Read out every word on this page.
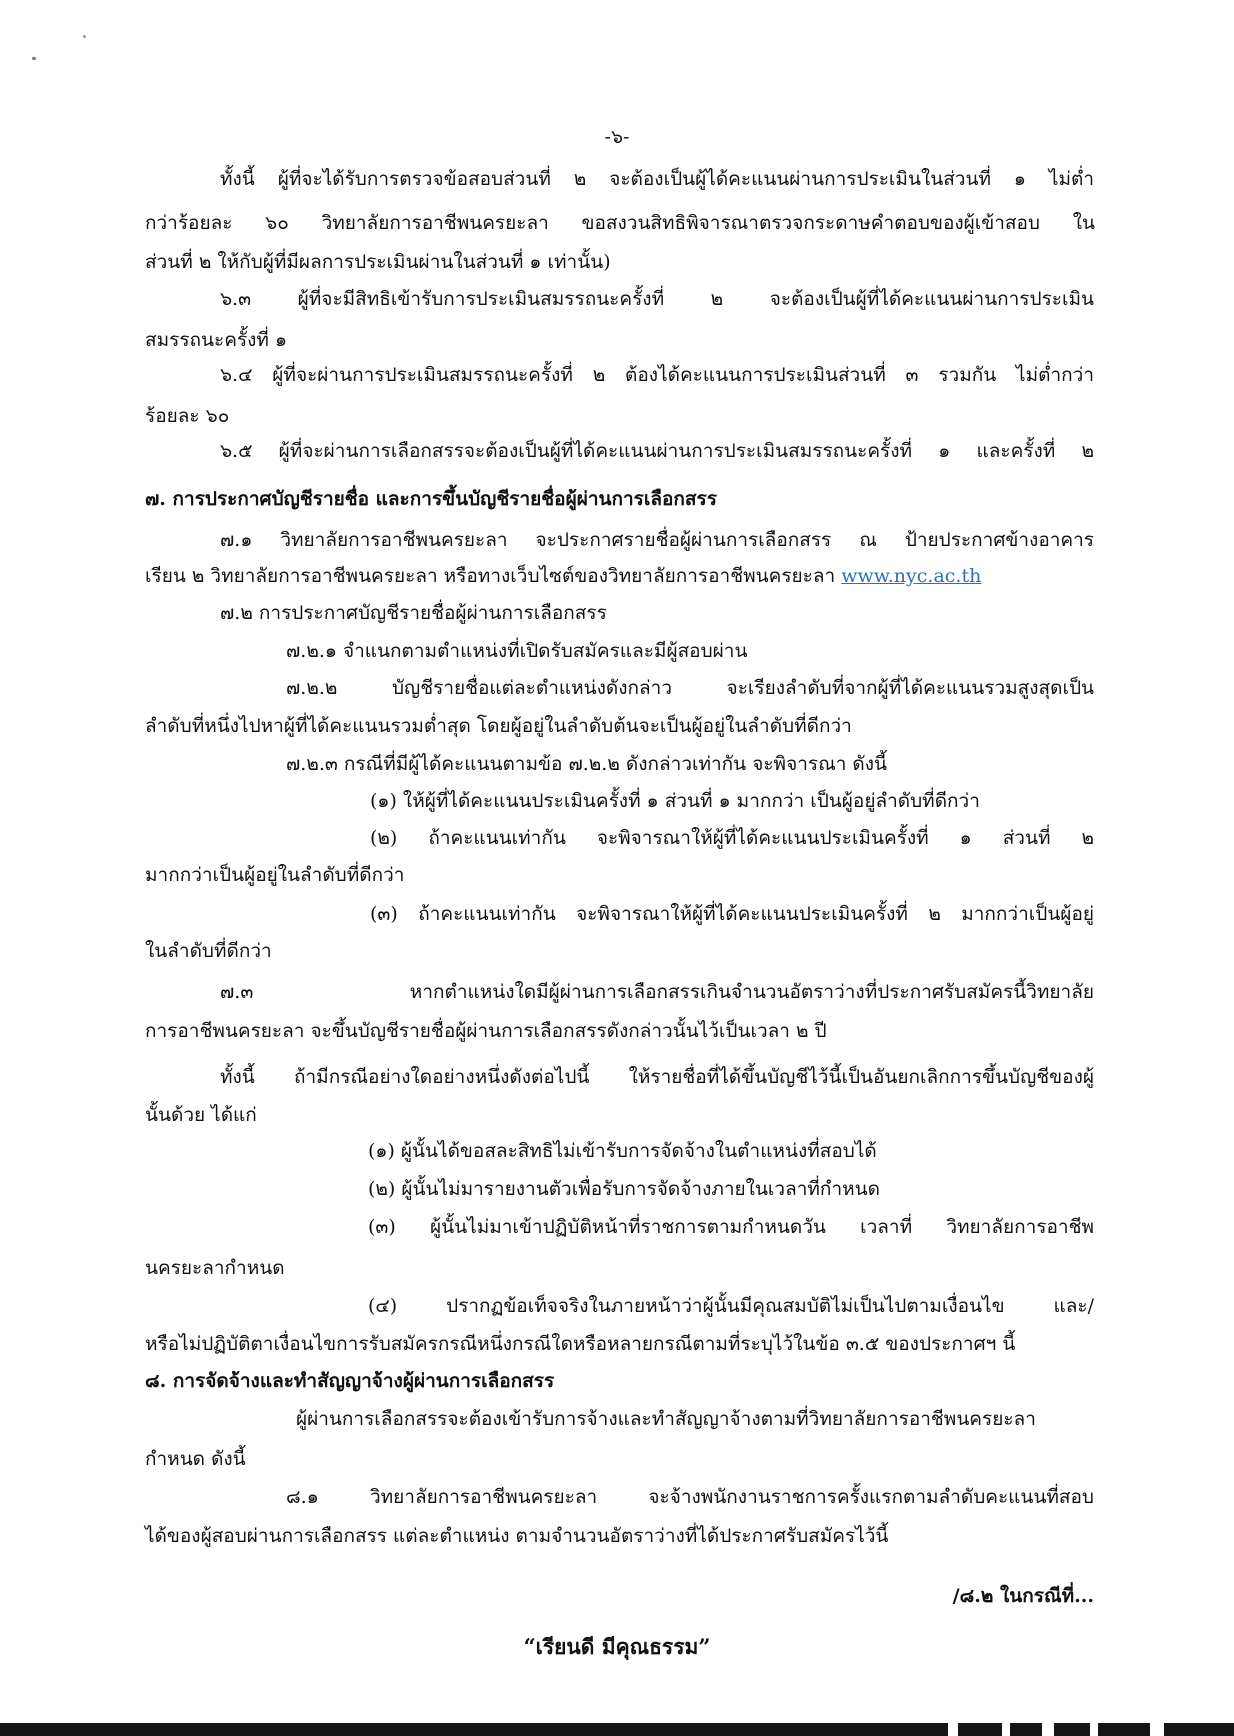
-๖-
ทั้งนี้ ผู้ที่จะได้รับการตรวจข้อสอบส่วนที่ ๒ จะต้องเป็นผู้ได้คะแนนผ่านการประเมินในส่วนที่ ๑ ไม่ต่ำ
กว่าร้อยละ ๖๐ วิทยาลัยการอาชีพนครยะลา ขอสงวนสิทธิพิจารณาตรวจกระดาษคำตอบของผู้เข้าสอบ ใน
ส่วนที่ ๒ ให้กับผู้ที่มีผลการประเมินผ่านในส่วนที่ ๑ เท่านั้น)
๖.๓ ผู้ที่จะมีสิทธิเข้ารับการประเมินสมรรถนะครั้งที่ ๒ จะต้องเป็นผู้ที่ได้คะแนนผ่านการประเมิน
สมรรถนะครั้งที่ ๑
๖.๔ ผู้ที่จะผ่านการประเมินสมรรถนะครั้งที่ ๒ ต้องได้คะแนนการประเมินส่วนที่ ๓ รวมกัน ไม่ต่ำกว่า
ร้อยละ ๖๐
๖.๕ ผู้ที่จะผ่านการเลือกสรรจะต้องเป็นผู้ที่ได้คะแนนผ่านการประเมินสมรรถนะครั้งที่ ๑ และครั้งที่ ๒
๗. การประกาศบัญชีรายชื่อ และการขึ้นบัญชีรายชื่อผู้ผ่านการเลือกสรร
๗.๑ วิทยาลัยการอาชีพนครยะลา จะประกาศรายชื่อผู้ผ่านการเลือกสรร ณ ป้ายประกาศข้างอาคาร
เรียน ๒ วิทยาลัยการอาชีพนครยะลา หรือทางเว็บไซต์ของวิทยาลัยการอาชีพนครยะลา www.nyc.ac.th
๗.๒ การประกาศบัญชีรายชื่อผู้ผ่านการเลือกสรร
๗.๒.๑ จำแนกตามตำแหน่งที่เปิดรับสมัครและมีผู้สอบผ่าน
๗.๒.๒ บัญชีรายชื่อแต่ละตำแหน่งดังกล่าว จะเรียงลำดับที่จากผู้ที่ได้คะแนนรวมสูงสุดเป็น
ลำดับที่หนึ่งไปหาผู้ที่ได้คะแนนรวมต่ำสุด โดยผู้อยู่ในลำดับต้นจะเป็นผู้อยู่ในลำดับที่ดีกว่า
๗.๒.๓ กรณีที่มีผู้ได้คะแนนตามข้อ ๗.๒.๒ ดังกล่าวเท่ากัน จะพิจารณา ดังนี้
(๑) ให้ผู้ที่ได้คะแนนประเมินครั้งที่ ๑ ส่วนที่ ๑ มากกว่า เป็นผู้อยู่ลำดับที่ดีกว่า
(๒) ถ้าคะแนนเท่ากัน จะพิจารณาให้ผู้ที่ได้คะแนนประเมินครั้งที่ ๑ ส่วนที่ ๒
มากกว่าเป็นผู้อยู่ในลำดับที่ดีกว่า
(๓) ถ้าคะแนนเท่ากัน จะพิจารณาให้ผู้ที่ได้คะแนนประเมินครั้งที่ ๒ มากกว่าเป็นผู้อยู่
ในลำดับที่ดีกว่า
๗.๓ หากตำแหน่งใดมีผู้ผ่านการเลือกสรรเกินจำนวนอัตราว่างที่ประกาศรับสมัครนี้วิทยาลัย
การอาชีพนครยะลา จะขึ้นบัญชีรายชื่อผู้ผ่านการเลือกสรรดังกล่าวนั้นไว้เป็นเวลา ๒ ปี
ทั้งนี้ ถ้ามีกรณีอย่างใดอย่างหนึ่งดังต่อไปนี้ ให้รายชื่อที่ได้ขึ้นบัญชีไว้นี้เป็นอันยกเลิกการขึ้นบัญชีของผู้
นั้นด้วย ได้แก่
(๑) ผู้นั้นได้ขอสละสิทธิไม่เข้ารับการจัดจ้างในตำแหน่งที่สอบได้
(๒) ผู้นั้นไม่มารายงานตัวเพื่อรับการจัดจ้างภายในเวลาที่กำหนด
(๓) ผู้นั้นไม่มาเข้าปฏิบัติหน้าที่ราชการตามกำหนดวัน เวลาที่ วิทยาลัยการอาชีพ
นครยะลากำหนด
(๔) ปรากฏข้อเท็จจริงในภายหน้าว่าผู้นั้นมีคุณสมบัติไม่เป็นไปตามเงื่อนไข และ/
หรือไม่ปฏิบัติตาเงื่อนไขการรับสมัครกรณีหนึ่งกรณีใดหรือหลายกรณีตามที่ระบุไว้ในข้อ ๓.๕ ของประกาศฯ นี้
๘. การจัดจ้างและทำสัญญาจ้างผู้ผ่านการเลือกสรร
ผู้ผ่านการเลือกสรรจะต้องเข้ารับการจ้างและทำสัญญาจ้างตามที่วิทยาลัยการอาชีพนครยะลา
กำหนด ดังนี้
๘.๑ วิทยาลัยการอาชีพนครยะลา จะจ้างพนักงานราชการครั้งแรกตามลำดับคะแนนที่สอบ
ได้ของผู้สอบผ่านการเลือกสรร แต่ละตำแหน่ง ตามจำนวนอัตราว่างที่ได้ประกาศรับสมัครไว้นี้
/๘.๒ ในกรณีที่...
“เรียนดี มีคุณธรรม”
